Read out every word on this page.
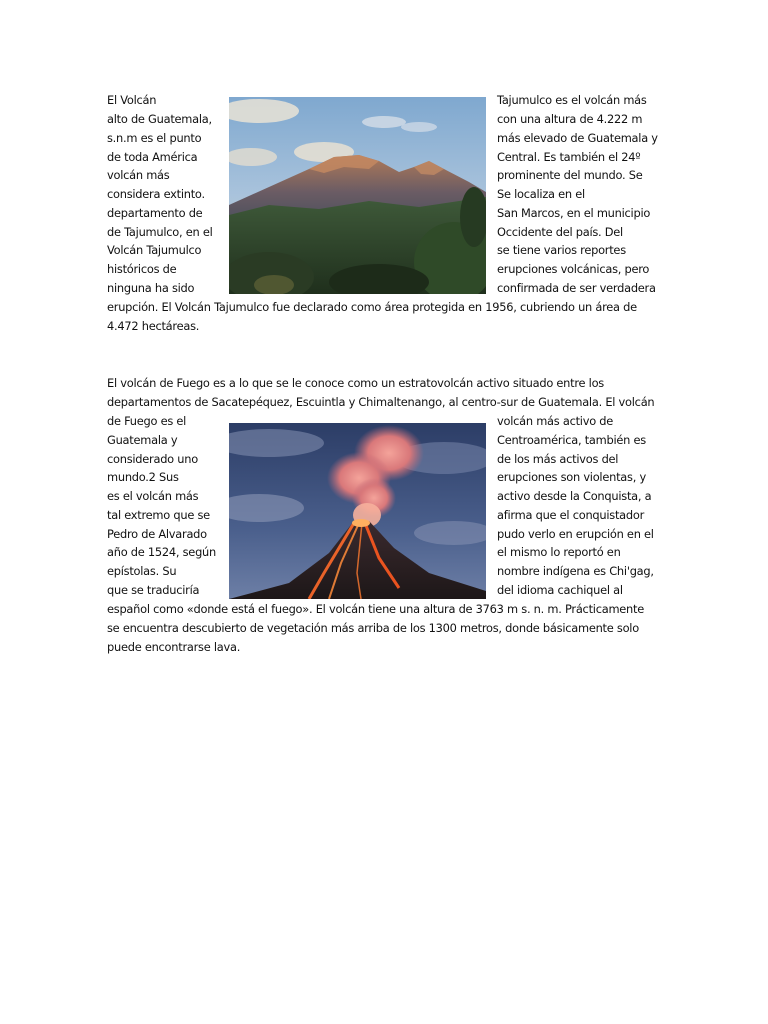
El Volcán
alto de Guatemala,
s.n.m es el punto
de toda América
volcán más
considera extinto.
departamento de
de Tajumulco, en el
Volcán Tajumulco
históricos de
ninguna ha sido
Tajumulco es el volcán más
con una altura de 4.222 m
más elevado de Guatemala y
Central. Es también el 24º
prominente del mundo. Se
Se localiza en el
San Marcos, en el municipio
Occidente del país. Del
se tiene varios reportes
erupciones volcánicas, pero
confirmada de ser verdadera
erupción. El Volcán Tajumulco fue declarado como área protegida en 1956, cubriendo un área de
4.472 hectáreas.
El volcán de Fuego es a lo que se le conoce como un estratovolcán activo situado entre los
departamentos de Sacatepéquez, Escuintla y Chimaltenango, al centro-sur de Guatemala. El volcán
de Fuego es el
Guatemala y
considerado uno
mundo.2 Sus
es el volcán más
tal extremo que se
Pedro de Alvarado
año de 1524, según
epístolas. Su
que se traduciría
volcán más activo de
Centroamérica, también es
de los más activos del
erupciones son violentas, y
activo desde la Conquista, a
afirma que el conquistador
pudo verlo en erupción en el
el mismo lo reportó en
nombre indígena es Chi'gag,
del idioma cachiquel al
español como «donde está el fuego». El volcán tiene una altura de 3763 m s. n. m. Prácticamente
se encuentra descubierto de vegetación más arriba de los 1300 metros, donde básicamente solo
puede encontrarse lava.
